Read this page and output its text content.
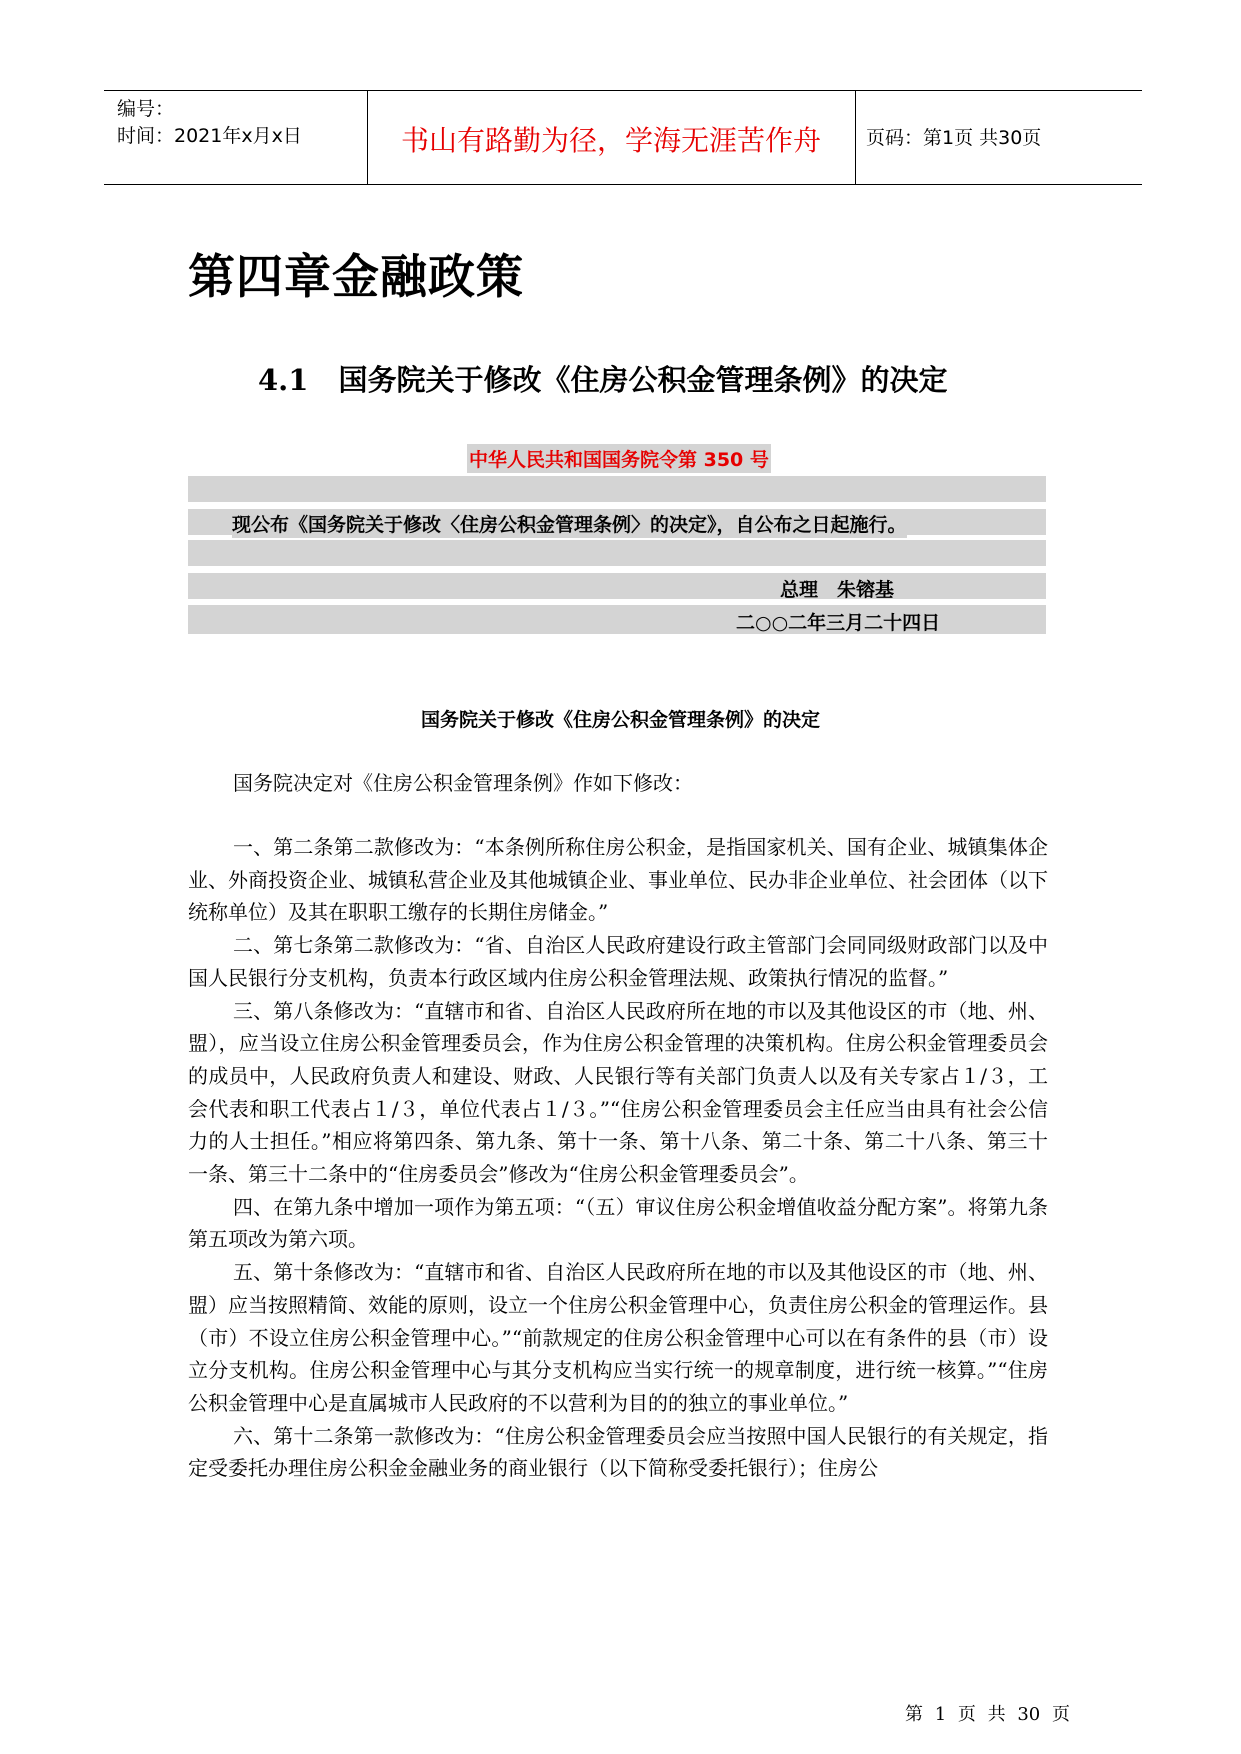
编号：
时间：2021年x月x日	书山有路勤为径，学海无涯苦作舟	页码：第1页 共30页
第四章金融政策
4.1 国务院关于修改《住房公积金管理条例》的决定
中华人民共和国国务院令第 350 号
现公布《国务院关于修改〈住房公积金管理条例〉的决定》，自公布之日起施行。
总理　朱镕基
二○○二年三月二十四日
国务院关于修改《住房公积金管理条例》的决定
国务院决定对《住房公积金管理条例》作如下修改：

一、第二条第二款修改为：“本条例所称住房公积金，是指国家机关、国有企业、城镇集体企业、外商投资企业、城镇私营企业及其他城镇企业、事业单位、民办非企业单位、社会团体（以下统称单位）及其在职职工缴存的长期住房储金。”

二、第七条第二款修改为：“省、自治区人民政府建设行政主管部门会同同级财政部门以及中国人民银行分支机构，负责本行政区域内住房公积金管理法规、政策执行情况的监督。”

三、第八条修改为：“直辖市和省、自治区人民政府所在地的市以及其他设区的市（地、州、盟），应当设立住房公积金管理委员会，作为住房公积金管理的决策机构。住房公积金管理委员会的成员中，人民政府负责人和建设、财政、人民银行等有关部门负责人以及有关专家占１/３，工会代表和职工代表占１/３，单位代表占１/３。”“住房公积金管理委员会主任应当由具有社会公信力的人士担任。”相应将第四条、第九条、第十一条、第十八条、第二十条、第二十八条、第三十一条、第三十二条中的“住房委员会”修改为“住房公积金管理委员会”。

四、在第九条中增加一项作为第五项：“（五）审议住房公积金增值收益分配方案”。将第九条第五项改为第六项。

五、第十条修改为：“直辖市和省、自治区人民政府所在地的市以及其他设区的市（地、州、盟）应当按照精简、效能的原则，设立一个住房公积金管理中心，负责住房公积金的管理运作。县（市）不设立住房公积金管理中心。”“前款规定的住房公积金管理中心可以在有条件的县（市）设立分支机构。住房公积金管理中心与其分支机构应当实行统一的规章制度，进行统一核算。”“住房公积金管理中心是直属城市人民政府的不以营利为目的的独立的事业单位。”

六、第十二条第一款修改为：“住房公积金管理委员会应当按照中国人民银行的有关规定，指定受委托办理住房公积金金融业务的商业银行（以下简称受委托银行）；住房公

第 1 页 共 30 页
